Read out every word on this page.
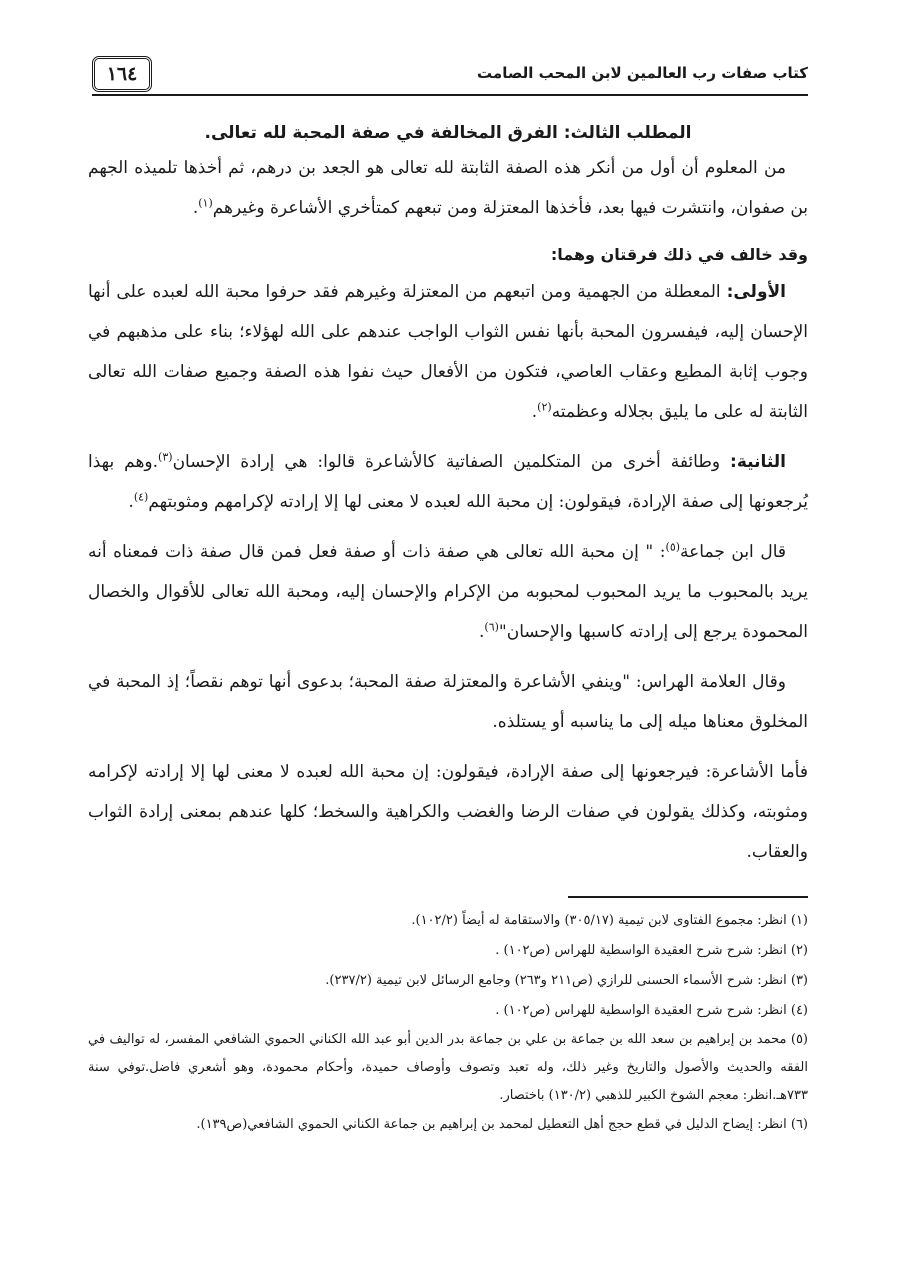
كتاب صفات رب العالمين لابن المحب الصامت
١٦٤
المطلب الثالث: الفرق المخالفة في صفة المحبة لله تعالى.

من المعلوم أن أول من أنكر هذه الصفة الثابتة لله تعالى هو الجعد بن درهم، ثم أخذها تلميذه الجهم بن صفوان، وانتشرت فيها بعد، فأخذها المعتزلة ومن تبعهم كمتأخري الأشاعرة وغيرهم$^{(١)}$.

وقد خالف في ذلك فرقتان وهما:

الأولى: المعطلة من الجهمية ومن اتبعهم من المعتزلة وغيرهم فقد حرفوا محبة الله لعبده على أنها الإحسان إليه، فيفسرون المحبة بأنها نفس الثواب الواجب عندهم على الله لهؤلاء؛ بناء على مذهبهم في وجوب إثابة المطيع وعقاب العاصي، فتكون من الأفعال حيث نفوا هذه الصفة وجميع صفات الله تعالى الثابتة له على ما يليق بجلاله وعظمته$^{(٢)}$.

الثانية: وطائفة أخرى من المتكلمين الصفاتية كالأشاعرة قالوا: هي إرادة الإحسان$^{(٣)}$.وهم بهذا يُرجعونها إلى صفة الإرادة، فيقولون: إن محبة الله لعبده لا معنى لها إلا إرادته لإكرامهم ومثوبتهم$^{(٤)}$.

قال ابن جماعة$^{(٥)}$: " إن محبة الله تعالى هي صفة ذات أو صفة فعل فمن قال صفة ذات فمعناه أنه يريد بالمحبوب ما يريد المحبوب لمحبوبه من الإكرام والإحسان إليه، ومحبة الله تعالى للأقوال والخصال المحمودة يرجع إلى إرادته كاسبها والإحسان"$^{(٦)}$.

وقال العلامة الهراس: "وينفي الأشاعرة والمعتزلة صفة المحبة؛ بدعوى أنها توهم نقصاً؛ إذ المحبة في المخلوق معناها ميله إلى ما يناسبه أو يستلذه.

فأما الأشاعرة: فيرجعونها إلى صفة الإرادة، فيقولون: إن محبة الله لعبده لا معنى لها إلا إرادته لإكرامه ومثوبته، وكذلك يقولون في صفات الرضا والغضب والكراهية والسخط؛ كلها عندهم بمعنى إرادة الثواب والعقاب.

(١) انظر: مجموع الفتاوى لابن تيمية (٣٠٥/١٧) والاستقامة له أيضاً (١٠٢/٢).

(٢) انظر: شرح شرح العقيدة الواسطية للهراس (ص١٠٢) .

(٣) انظر: شرح الأسماء الحسنى للرازي (ص٢١١ و٢٦٣) وجامع الرسائل لابن تيمية (٢٣٧/٢).

(٤) انظر: شرح شرح العقيدة الواسطية للهراس (ص١٠٢) .

(٥) محمد بن إبراهيم بن سعد الله بن جماعة بن علي بن جماعة بدر الدين أبو عبد الله الكناني الحموي الشافعي المفسر، له تواليف في الفقه والحديث والأصول والتاريخ وغير ذلك، وله تعبد وتصوف وأوصاف حميدة، وأحكام محمودة، وهو أشعري فاضل.توفي سنة ٧٣٣هـ.انظر: معجم الشوخ الكبير للذهبي (١٣٠/٢) باختصار.

(٦) انظر: إيضاح الدليل في قطع حجج أهل التعطيل لمحمد بن إبراهيم بن جماعة الكناني الحموي الشافعي(ص١٣٩).
